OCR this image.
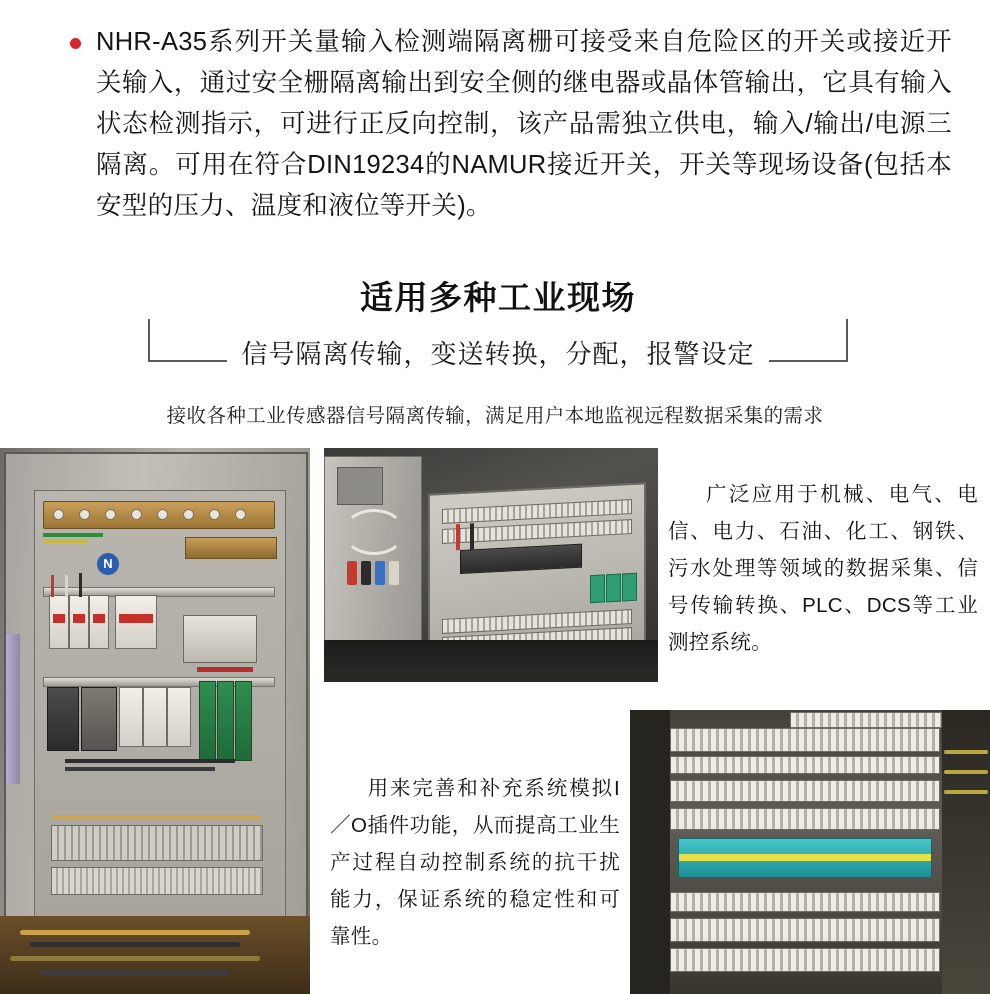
NHR-A35系列开关量输入检测端隔离栅可接受来自危险区的开关或接近开关输入，通过安全栅隔离输出到安全侧的继电器或晶体管输出，它具有输入状态检测指示，可进行正反向控制，该产品需独立供电，输入/输出/电源三隔离。可用在符合DIN19234的NAMUR接近开关，开关等现场设备(包括本安型的压力、温度和液位等开关)。

适用多种工业现场
信号隔离传输，变送转换，分配，报警设定
接收各种工业传感器信号隔离传输，满足用户本地监视远程数据采集的需求
N
广泛应用于机械、电气、电信、电力、石油、化工、钢铁、污水处理等领域的数据采集、信号传输转换、PLC、DCS等工业测控系统。
用来完善和补充系统模拟I／O插件功能，从而提高工业生产过程自动控制系统的抗干扰能力，保证系统的稳定性和可靠性。
